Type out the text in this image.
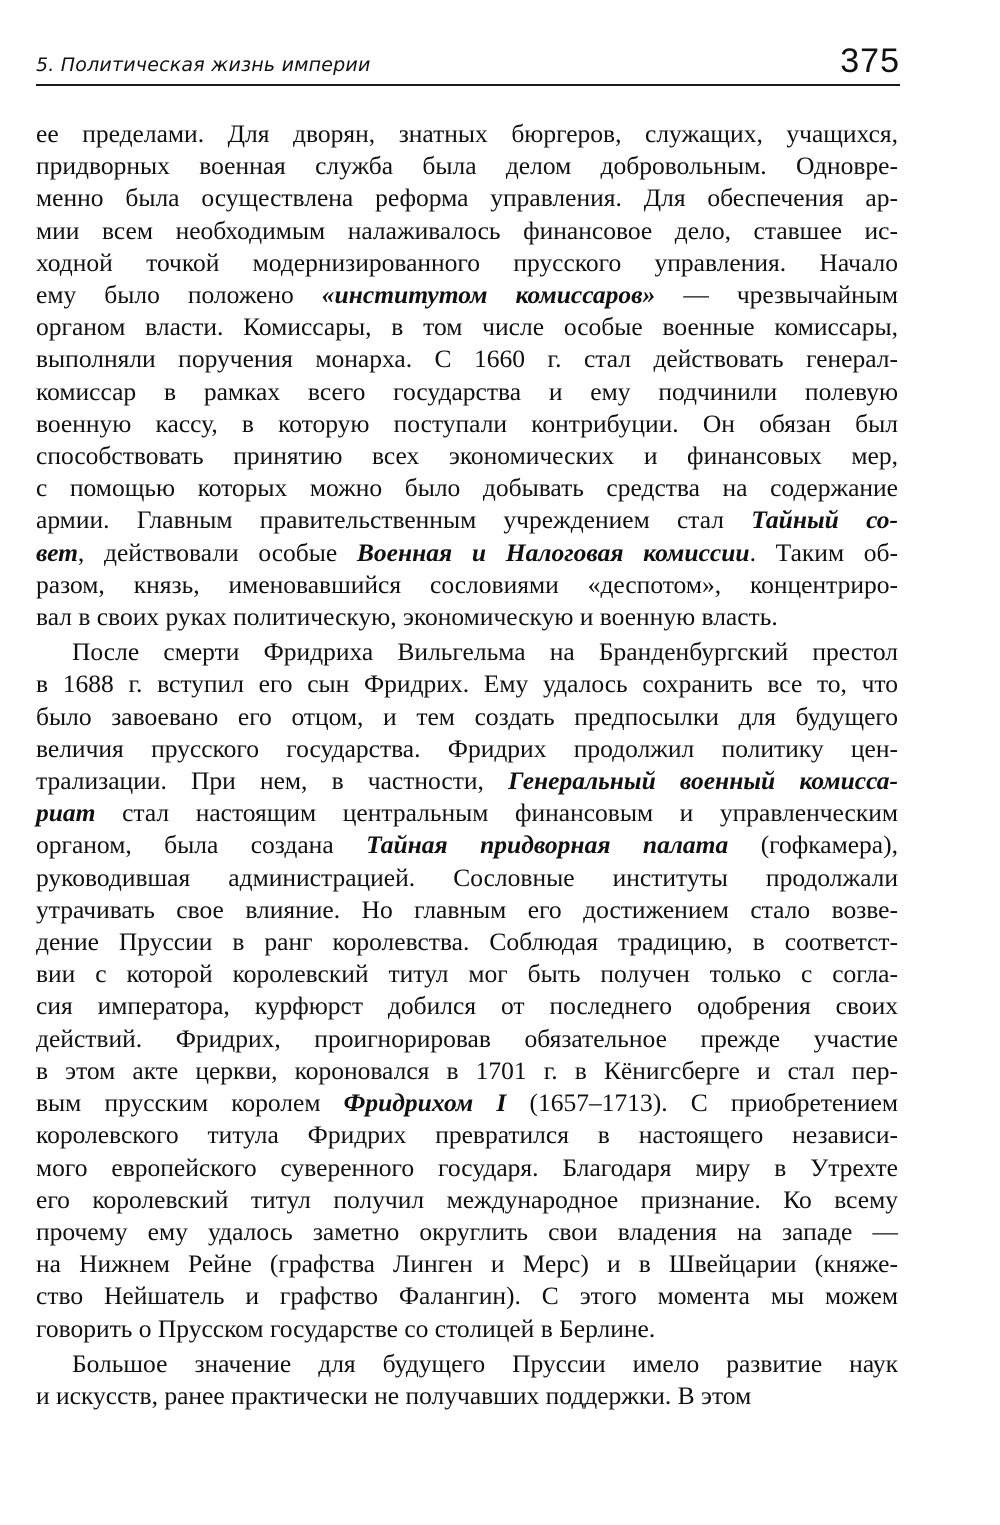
5. Политическая жизнь империи	375

ее пределами. Для дворян, знатных бюргеров, служащих, учащихся,
придворных военная служба была делом добровольным. Одновре-
менно была осуществлена реформа управления. Для обеспечения ар-
мии всем необходимым налаживалось финансовое дело, ставшее ис-
ходной точкой модернизированного прусского управления. Начало
ему было положено «институтом комиссаров» — чрезвычайным
органом власти. Комиссары, в том числе особые военные комиссары,
выполняли поручения монарха. С 1660 г. стал действовать генерал-
комиссар в рамках всего государства и ему подчинили полевую
военную кассу, в которую поступали контрибуции. Он обязан был
способствовать принятию всех экономических и финансовых мер,
с помощью которых можно было добывать средства на содержание
армии. Главным правительственным учреждением стал Тайный со-
вет, действовали особые Военная и Налоговая комиссии. Таким об-
разом, князь, именовавшийся сословиями «деспотом», концентриро-
вал в своих руках политическую, экономическую и военную власть.

После смерти Фридриха Вильгельма на Бранденбургский престол
в 1688 г. вступил его сын Фридрих. Ему удалось сохранить все то, что
было завоевано его отцом, и тем создать предпосылки для будущего
величия прусского государства. Фридрих продолжил политику цен-
трализации. При нем, в частности, Генеральный военный комисса-
риат стал настоящим центральным финансовым и управленческим
органом, была создана Тайная придворная палата (гофкамера),
руководившая администрацией. Сословные институты продолжали
утрачивать свое влияние. Но главным его достижением стало возве-
дение Пруссии в ранг королевства. Соблюдая традицию, в соответст-
вии с которой королевский титул мог быть получен только с согла-
сия императора, курфюрст добился от последнего одобрения своих
действий. Фридрих, проигнорировав обязательное прежде участие
в этом акте церкви, короновался в 1701 г. в Кёнигсберге и стал пер-
вым прусским королем Фридрихом I (1657–1713). С приобретением
королевского титула Фридрих превратился в настоящего независи-
мого европейского суверенного государя. Благодаря миру в Утрехте
его королевский титул получил международное признание. Ко всему
прочему ему удалось заметно округлить свои владения на западе —
на Нижнем Рейне (графства Линген и Мерс) и в Швейцарии (княже-
ство Нейшатель и графство Фалангин). С этого момента мы можем
говорить о Прусском государстве со столицей в Берлине.

Большое значение для будущего Пруссии имело развитие наук
и искусств, ранее практически не получавших поддержки. В этом
